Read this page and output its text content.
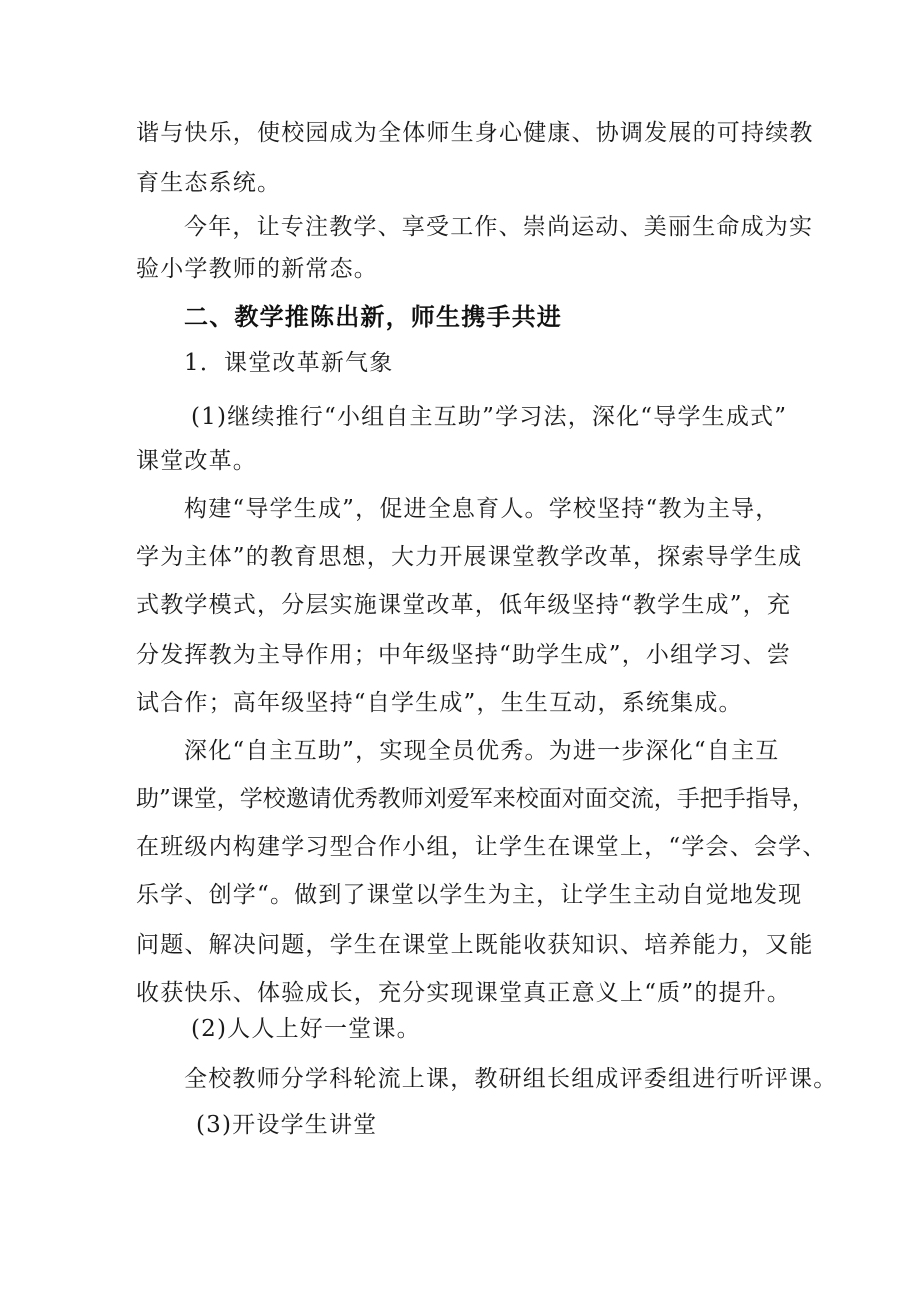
谐与快乐，使校园成为全体师生身心健康、协调发展的可持续教
育生态系统。
今年，让专注教学、享受工作、崇尚运动、美丽生命成为实
验小学教师的新常态。
二、教学推陈出新，师生携手共进
1．课堂改革新气象
(1)继续推行“小组自主互助”学习法，深化“导学生成式”
课堂改革。
构建“导学生成”，促进全息育人。学校坚持“教为主导，
学为主体”的教育思想，大力开展课堂教学改革，探索导学生成
式教学模式，分层实施课堂改革，低年级坚持“教学生成”，充
分发挥教为主导作用；中年级坚持“助学生成”，小组学习、尝
试合作；高年级坚持“自学生成”，生生互动，系统集成。
深化“自主互助”，实现全员优秀。为进一步深化“自主互
助”课堂，学校邀请优秀教师刘爱军来校面对面交流，手把手指导，
在班级内构建学习型合作小组，让学生在课堂上，“学会、会学、
乐学、创学“。做到了课堂以学生为主，让学生主动自觉地发现
问题、解决问题，学生在课堂上既能收获知识、培养能力，又能
收获快乐、体验成长，充分实现课堂真正意义上“质”的提升。
(2)人人上好一堂课。
全校教师分学科轮流上课，教研组长组成评委组进行听评课。
(3)开设学生讲堂
